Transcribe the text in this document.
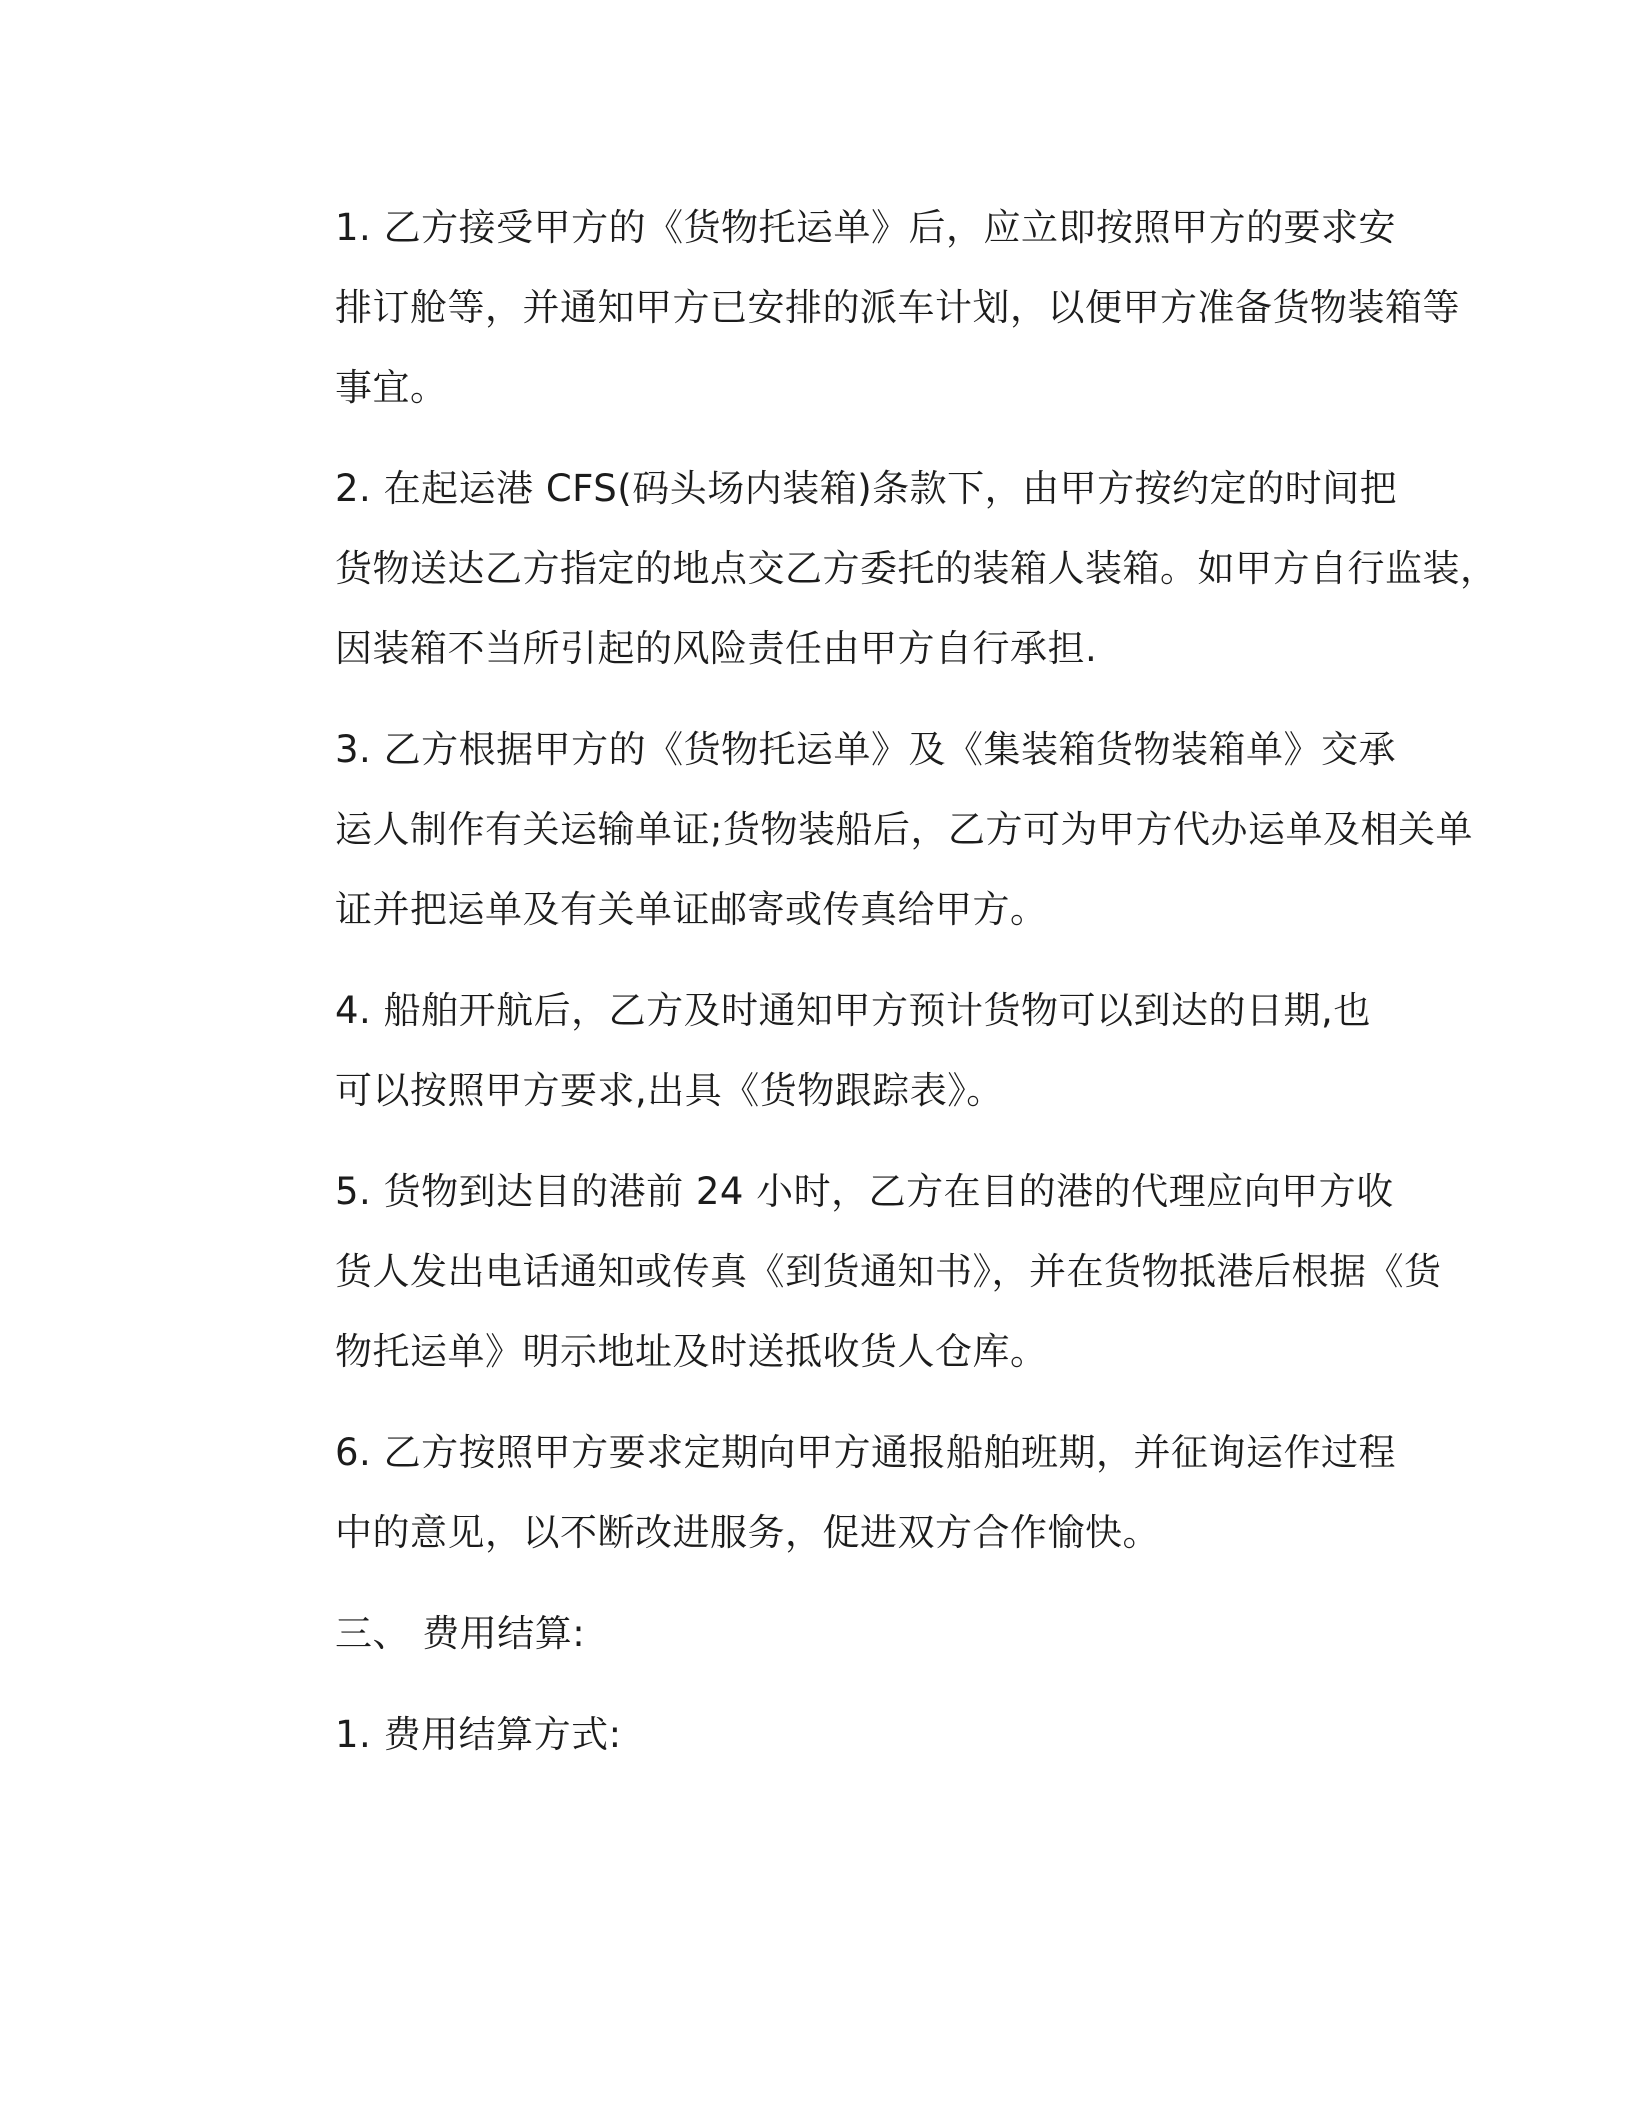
1. 乙方接受甲方的《货物托运单》后，应立即按照甲方的要求安
排订舱等，并通知甲方已安排的派车计划，以便甲方准备货物装箱等
事宜。

2. 在起运港 CFS(码头场内装箱)条款下，由甲方按约定的时间把
货物送达乙方指定的地点交乙方委托的装箱人装箱。如甲方自行监装，
因装箱不当所引起的风险责任由甲方自行承担.

3. 乙方根据甲方的《货物托运单》及《集装箱货物装箱单》交承
运人制作有关运输单证;货物装船后，乙方可为甲方代办运单及相关单
证并把运单及有关单证邮寄或传真给甲方。

4. 船舶开航后，乙方及时通知甲方预计货物可以到达的日期,也
可以按照甲方要求,出具《货物跟踪表》。

5. 货物到达目的港前 24 小时，乙方在目的港的代理应向甲方收
货人发出电话通知或传真《到货通知书》，并在货物抵港后根据《货
物托运单》明示地址及时送抵收货人仓库。

6. 乙方按照甲方要求定期向甲方通报船舶班期，并征询运作过程
中的意见，以不断改进服务，促进双方合作愉快。

三、 费用结算:

1. 费用结算方式:
